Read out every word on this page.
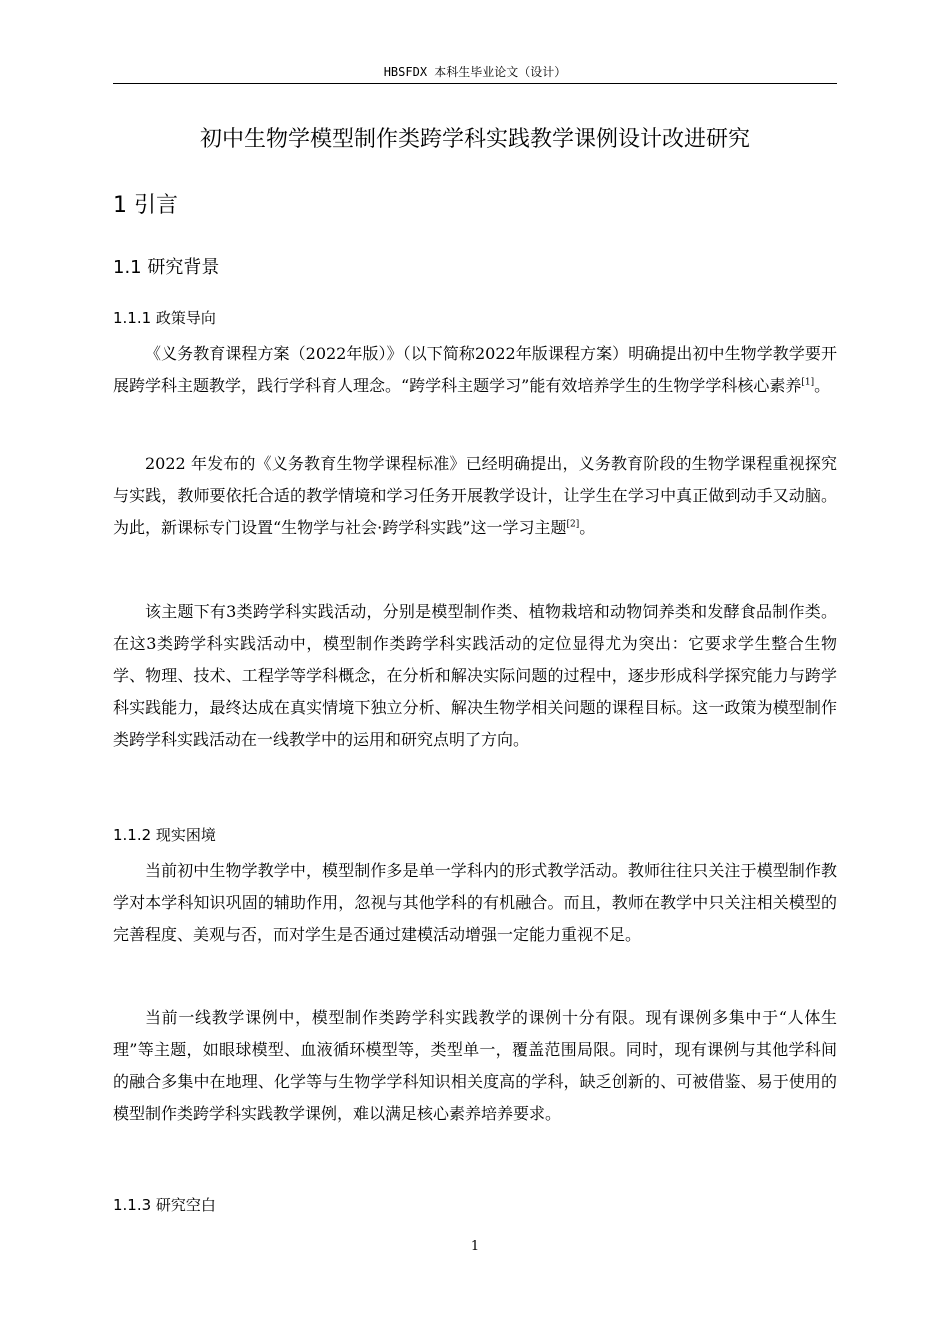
HBSFDX 本科生毕业论文（设计）
初中生物学模型制作类跨学科实践教学课例设计改进研究
1 引言
1.1 研究背景
1.1.1 政策导向

《义务教育课程方案（2022年版）》（以下简称2022年版课程方案）明确提出初中生物学教学要开展跨学科主题教学，践行学科育人理念。“跨学科主题学习”能有效培养学生的生物学学科核心素养[1]。

2022 年发布的《义务教育生物学课程标准》已经明确提出，义务教育阶段的生物学课程重视探究与实践，教师要依托合适的教学情境和学习任务开展教学设计，让学生在学习中真正做到动手又动脑。为此，新课标专门设置“生物学与社会·跨学科实践”这一学习主题[2]。

该主题下有3类跨学科实践活动，分别是模型制作类、植物栽培和动物饲养类和发酵食品制作类。在这3类跨学科实践活动中，模型制作类跨学科实践活动的定位显得尤为突出：它要求学生整合生物学、物理、技术、工程学等学科概念，在分析和解决实际问题的过程中，逐步形成科学探究能力与跨学科实践能力，最终达成在真实情境下独立分析、解决生物学相关问题的课程目标。这一政策为模型制作类跨学科实践活动在一线教学中的运用和研究点明了方向。

1.1.2 现实困境

当前初中生物学教学中，模型制作多是单一学科内的形式教学活动。教师往往只关注于模型制作教学对本学科知识巩固的辅助作用，忽视与其他学科的有机融合。而且，教师在教学中只关注相关模型的完善程度、美观与否，而对学生是否通过建模活动增强一定能力重视不足。

当前一线教学课例中，模型制作类跨学科实践教学的课例十分有限。现有课例多集中于“人体生理”等主题，如眼球模型、血液循环模型等，类型单一，覆盖范围局限。同时，现有课例与其他学科间的融合多集中在地理、化学等与生物学学科知识相关度高的学科，缺乏创新的、可被借鉴、易于使用的模型制作类跨学科实践教学课例，难以满足核心素养培养要求。

1.1.3 研究空白
1
